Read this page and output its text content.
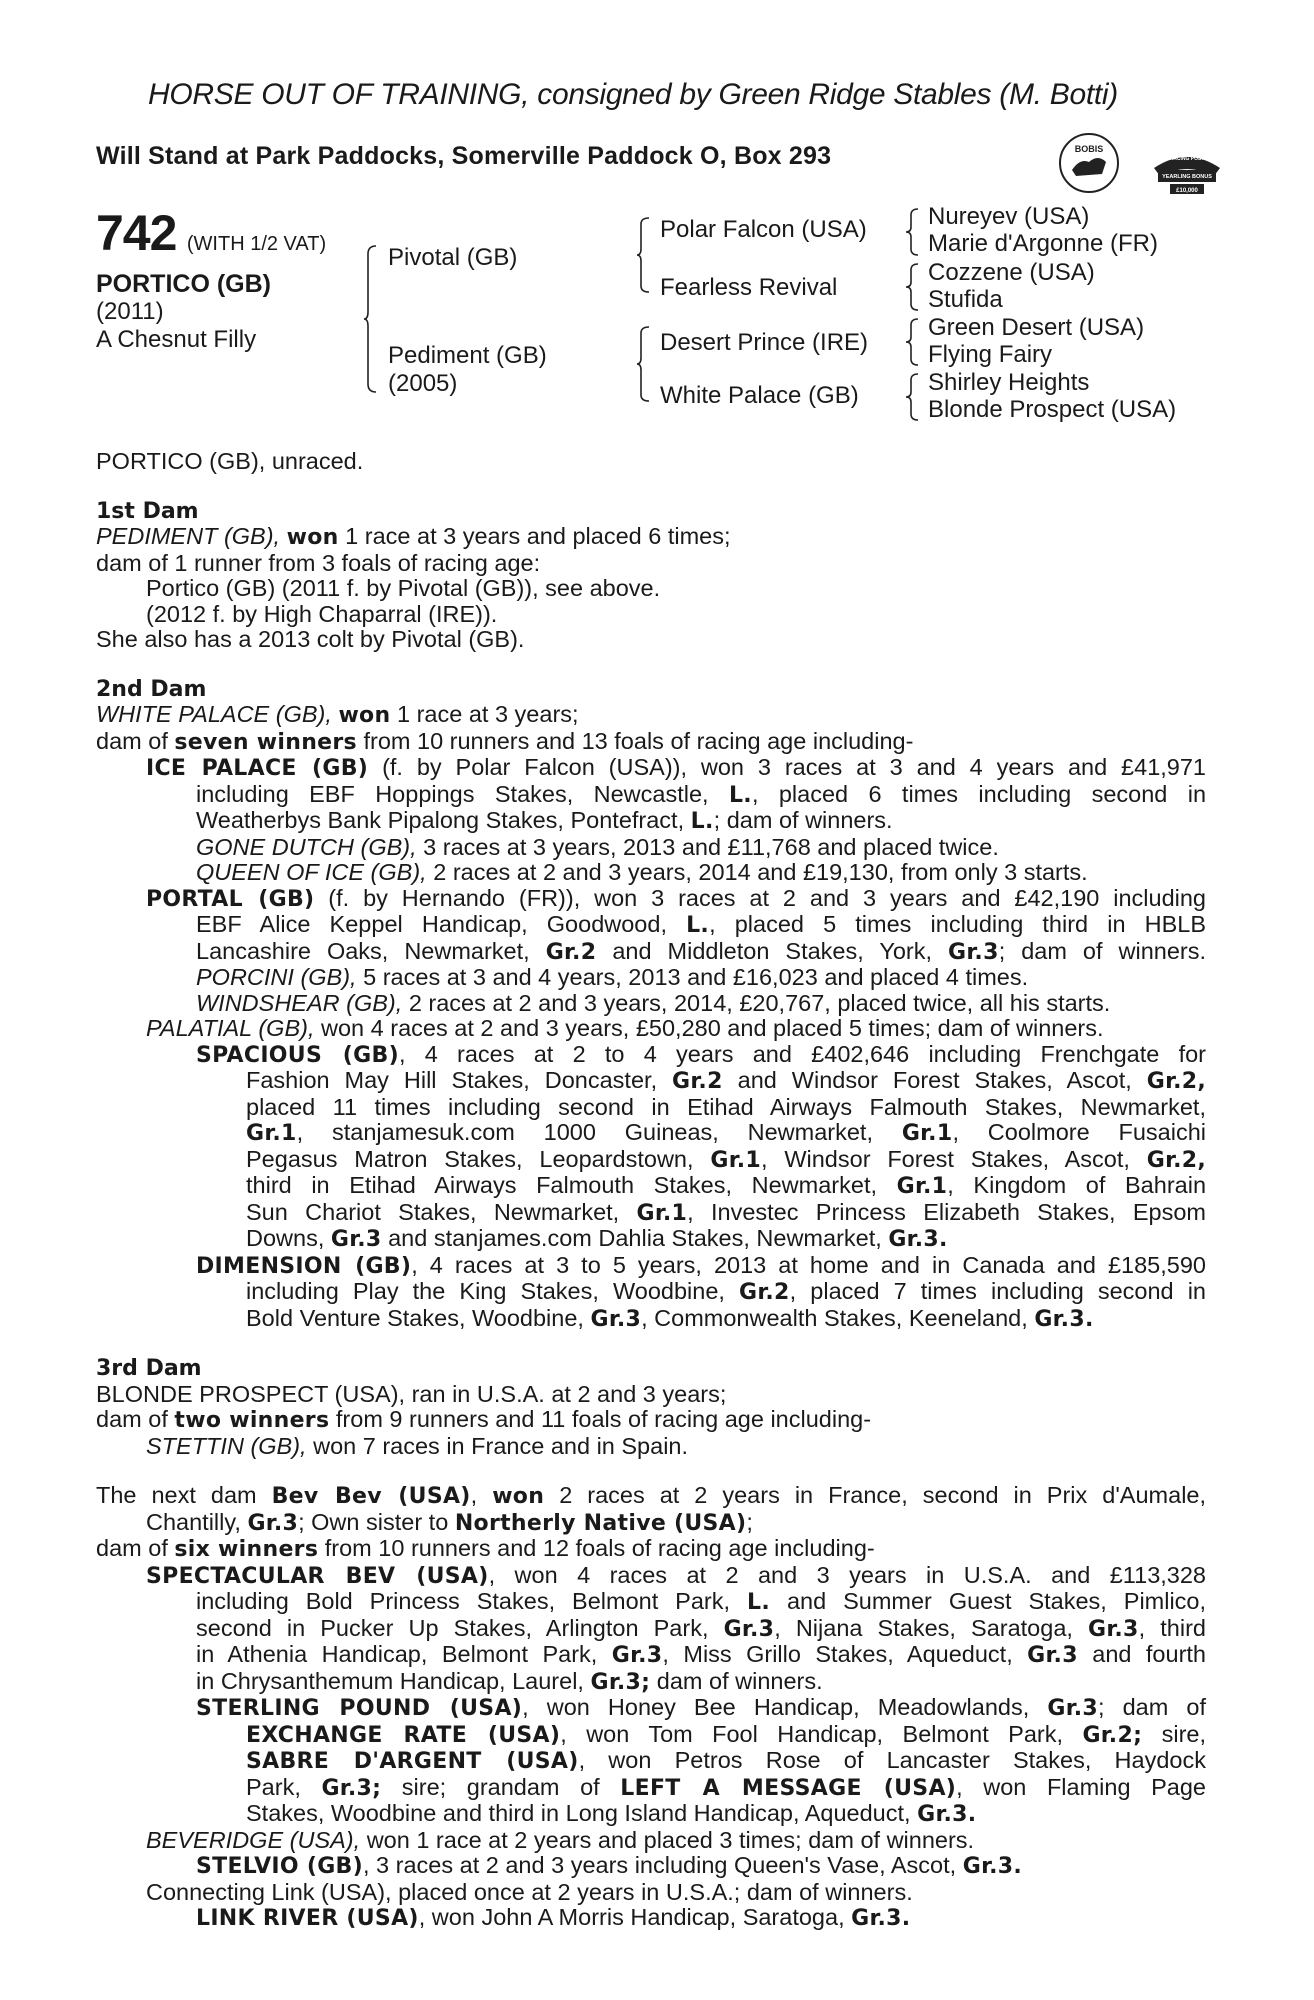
HORSE OUT OF TRAINING, consigned by Green Ridge Stables (M. Botti)
Will Stand at Park Paddocks, Somerville Paddock O, Box 293	BOBIS
RACING POST
YEARLING BONUS
£10,000
742 (WITH 1/2 VAT)
PORTICO (GB)
(2011)
A Chesnut Filly
Pivotal (GB)
Pediment (GB)
(2005)
Polar Falcon (USA)
Fearless Revival
Desert Prince (IRE)
White Palace (GB)
Nureyev (USA)
Marie d'Argonne (FR)
Cozzene (USA)
Stufida
Green Desert (USA)
Flying Fairy
Shirley Heights
Blonde Prospect (USA)
PORTICO (GB), unraced.
1st Dam
PEDIMENT (GB), won 1 race at 3 years and placed 6 times;
dam of 1 runner from 3 foals of racing age:
Portico (GB) (2011 f. by Pivotal (GB)), see above.
(2012 f. by High Chaparral (IRE)).
She also has a 2013 colt by Pivotal (GB).
2nd Dam
WHITE PALACE (GB), won 1 race at 3 years;
dam of seven winners from 10 runners and 13 foals of racing age including-
ICE PALACE (GB) (f. by Polar Falcon (USA)), won 3 races at 3 and 4 years and £41,971
including EBF Hoppings Stakes, Newcastle, L., placed 6 times including second in
Weatherbys Bank Pipalong Stakes, Pontefract, L.; dam of winners.
GONE DUTCH (GB), 3 races at 3 years, 2013 and £11,768 and placed twice.
QUEEN OF ICE (GB), 2 races at 2 and 3 years, 2014 and £19,130, from only 3 starts.
PORTAL (GB) (f. by Hernando (FR)), won 3 races at 2 and 3 years and £42,190 including
EBF Alice Keppel Handicap, Goodwood, L., placed 5 times including third in HBLB
Lancashire Oaks, Newmarket, Gr.2 and Middleton Stakes, York, Gr.3; dam of winners.
PORCINI (GB), 5 races at 3 and 4 years, 2013 and £16,023 and placed 4 times.
WINDSHEAR (GB), 2 races at 2 and 3 years, 2014, £20,767, placed twice, all his starts.
PALATIAL (GB), won 4 races at 2 and 3 years, £50,280 and placed 5 times; dam of winners.
SPACIOUS (GB), 4 races at 2 to 4 years and £402,646 including Frenchgate for
Fashion May Hill Stakes, Doncaster, Gr.2 and Windsor Forest Stakes, Ascot, Gr.2,
placed 11 times including second in Etihad Airways Falmouth Stakes, Newmarket,
Gr.1, stanjamesuk.com 1000 Guineas, Newmarket, Gr.1, Coolmore Fusaichi
Pegasus Matron Stakes, Leopardstown, Gr.1, Windsor Forest Stakes, Ascot, Gr.2,
third in Etihad Airways Falmouth Stakes, Newmarket, Gr.1, Kingdom of Bahrain
Sun Chariot Stakes, Newmarket, Gr.1, Investec Princess Elizabeth Stakes, Epsom
Downs, Gr.3 and stanjames.com Dahlia Stakes, Newmarket, Gr.3.
DIMENSION (GB), 4 races at 3 to 5 years, 2013 at home and in Canada and £185,590
including Play the King Stakes, Woodbine, Gr.2, placed 7 times including second in
Bold Venture Stakes, Woodbine, Gr.3, Commonwealth Stakes, Keeneland, Gr.3.
3rd Dam
BLONDE PROSPECT (USA), ran in U.S.A. at 2 and 3 years;
dam of two winners from 9 runners and 11 foals of racing age including-
STETTIN (GB), won 7 races in France and in Spain.
The next dam Bev Bev (USA), won 2 races at 2 years in France, second in Prix d'Aumale,
Chantilly, Gr.3; Own sister to Northerly Native (USA);
dam of six winners from 10 runners and 12 foals of racing age including-
SPECTACULAR BEV (USA), won 4 races at 2 and 3 years in U.S.A. and £113,328
including Bold Princess Stakes, Belmont Park, L. and Summer Guest Stakes, Pimlico,
second in Pucker Up Stakes, Arlington Park, Gr.3, Nijana Stakes, Saratoga, Gr.3, third
in Athenia Handicap, Belmont Park, Gr.3, Miss Grillo Stakes, Aqueduct, Gr.3 and fourth
in Chrysanthemum Handicap, Laurel, Gr.3; dam of winners.
STERLING POUND (USA), won Honey Bee Handicap, Meadowlands, Gr.3; dam of
EXCHANGE RATE (USA), won Tom Fool Handicap, Belmont Park, Gr.2; sire,
SABRE D'ARGENT (USA), won Petros Rose of Lancaster Stakes, Haydock
Park, Gr.3; sire; grandam of LEFT A MESSAGE (USA), won Flaming Page
Stakes, Woodbine and third in Long Island Handicap, Aqueduct, Gr.3.
BEVERIDGE (USA), won 1 race at 2 years and placed 3 times; dam of winners.
STELVIO (GB), 3 races at 2 and 3 years including Queen's Vase, Ascot, Gr.3.
Connecting Link (USA), placed once at 2 years in U.S.A.; dam of winners.
LINK RIVER (USA), won John A Morris Handicap, Saratoga, Gr.3.
